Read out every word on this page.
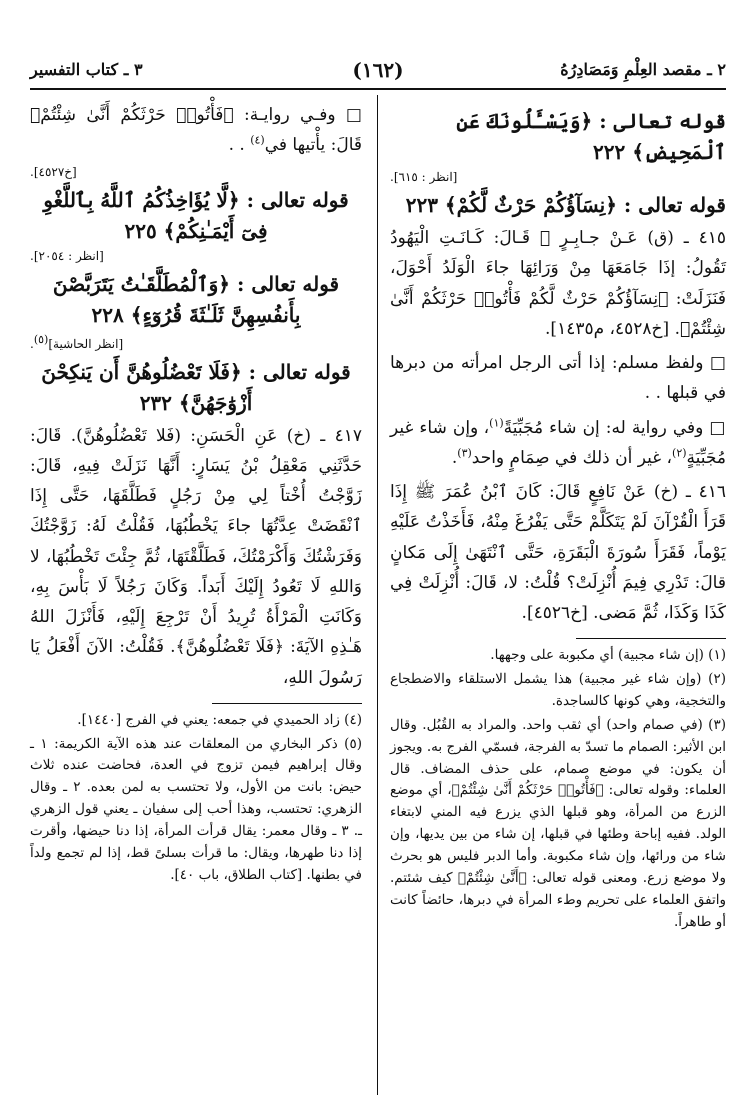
٢ ـ مقصد العِلْمِ وَمَصَادِرُهُ
(١٦٢)
٣ ـ كتاب التفسير
قوله تعالى : ﴿وَيَسْـَٔلُونَكَ عَنِ ٱلْمَحِيضِ﴾ ٢٢٢
[انظر : ٦١٥].
قوله تعالى : ﴿نِسَآؤُكُمْ حَرْثٌ لَّكُمْ﴾ ٢٢٣

٤١٥ ـ (ق) عَـنْ جـابِـرٍ ﷺ قَـالَ: كَـانَـتِ الْيَهُودُ تَقُولُ: إذَا جَامَعَهَا مِنْ وَرَائِهَا جاءَ الْوَلَدُ أَحْوَلَ، فَنَزَلَتْ: ﴿نِسَآؤُكُمْ حَرْثٌ لَّكُمْ فَأْتُوا۟ حَرْثَكُمْ أَنَّىٰ شِئْتُمْ﴾. [خ٤٥٢٨، م١٤٣٥].

□ ولفظ مسلم: إذا أتى الرجل امرأته من دبرها في قبلها . .

□ وفي رواية له: إن شاء مُجَبِّيَةً$^{(١)}$، وإن شاء غير مُجَبِّيَةٍ$^{(٢)}$، غير أن ذلك في صِمَامٍ واحد$^{(٣)}$.

٤١٦ ـ (خ) عَنْ نَافِعٍ قَالَ: كَانَ ٱبْنُ عُمَرَ ﷺ إِذَا قَرَأَ الْقُرْآنَ لَمْ يَتَكَلَّمْ حَتَّى يَفْرُغَ مِنْهُ، فَأَخَذْتُ عَلَيْهِ يَوْماً، فَقَرَأَ سُورَةَ الْبَقَرَةِ، حَتَّى ٱنْتَهَىٰ إِلَى مَكانٍ قالَ: تَدْرِي فِيمَ أُنْزِلَتْ؟ قُلْتُ: لا، قَالَ: أُنْزِلَتْ فِي كَذَا وَكَذَا، ثُمَّ مَضى. [خ٤٥٢٦].

(١) (إن شاء مجبية) أي مكبوبة على وجهها.

(٢) (وإن شاء غير مجبية) هذا يشمل الاستلقاء والاضطجاع والتخجية، وهي كونها كالساجدة.

(٣) (في صمام واحد) أي ثقب واحد. والمراد به القُبُل. وقال ابن الأثير: الصمام ما تسدّ به الفرجة، فسمّي الفرج به. ويجوز أن يكون: في موضع صمام، على حذف المضاف. قال العلماء: وقوله تعالى: ﴿فَأْتُوا۟ حَرْثَكُمْ أَنَّىٰ شِئْتُمْ﴾، أي موضع الزرع من المرأة، وهو قبلها الذي يزرع فيه المني لابتغاء الولد. ففيه إباحة وطئها في قبلها، إن شاء من بين يديها، وإن شاء من ورائها، وإن شاء مكبوبة. وأما الدبر فليس هو بحرث ولا موضع زرع. ومعنى قوله تعالى: ﴿أَنَّىٰ شِئْتُمْ﴾ كيف شئتم. واتفق العلماء على تحريم وطء المرأة في دبرها، حائضاً كانت أو طاهراً.

□ وفـي روايـة: ﴿فَأْتُوا۟ حَرْثَكُمْ أَنَّىٰ شِئْتُمْ﴾ قَالَ: يأْتيها في$^{(٤)}$ . .

[خ٤٥٢٧].
قوله تعالى : ﴿لَّا يُؤَاخِذُكُمُ ٱللَّهُ بِٱللَّغْوِ فِىٓ أَيْمَـٰنِكُمْ﴾ ٢٢٥
[انظر : ٢٠٥٤].
قوله تعالى : ﴿وَٱلْمُطَلَّقَـٰتُ يَتَرَبَّصْنَ بِأَنفُسِهِنَّ ثَلَـٰثَةَ قُرُوٓءٍ﴾ ٢٢٨
[انظر الحاشية](٥).
قوله تعالى : ﴿فَلَا تَعْضُلُوهُنَّ أَن يَنكِحْنَ أَزْوَٰجَهُنَّ﴾ ٢٣٢

٤١٧ ـ (خ) عَنِ الْحَسَنِ: (فَلا تَعْضُلُوهُنَّ). قَالَ: حَدَّثَنِي مَعْقِلُ بْنُ يَسَارٍ: أَنَّهَا نَزَلَتْ فِيهِ، قَالَ: زَوَّجْتُ أُخْتاً لِي مِنْ رَجُلٍ فَطَلَّقَهَا، حَتَّى إِذَا ٱنْقَضَتْ عِدَّتُهَا جاءَ يَخْطُبُهَا، فَقُلْتُ لَهُ: زَوَّجْتُكَ وَفَرَشْتُكَ وَأَكْرَمْتُكَ، فَطَلَّقْتَهَا، ثُمَّ جِئْتَ تَخْطُبُهَا، لا وَاللهِ لَا تَعُودُ إِلَيْكَ أَبَداً. وَكَانَ رَجُلاً لَا بَأْسَ بِهِ، وَكَانَتِ الْمَرْأَةُ تُرِيدُ أَنْ تَرْجِعَ إِلَيْهِ، فَأَنْزَلَ اللهُ هَـٰذِهِ الآيَةَ: ﴿فَلَا تَعْضُلُوهُنَّ﴾. فَقُلْتُ: الآنَ أَفْعَلُ يَا رَسُولَ اللهِ،

(٤) زاد الحميدي في جمعه: يعني في الفرج [١٤٤٠].

(٥) ذكر البخاري من المعلقات عند هذه الآية الكريمة: ١ ـ وقال إبراهيم فيمن تزوج في العدة، فحاضت عنده ثلاث حيض: بانت من الأول، ولا تحتسب به لمن بعده. ٢ ـ وقال الزهري: تحتسب، وهذا أحب إلى سفيان ـ يعني قول الزهري ـ. ٣ ـ وقال معمر: يقال قرأت المرأة، إذا دنا حيضها، وأقرت إذا دنا طهرها، ويقال: ما قرأت بسلىً قط، إذا لم تجمع ولداً في بطنها. [كتاب الطلاق، باب ٤٠].
